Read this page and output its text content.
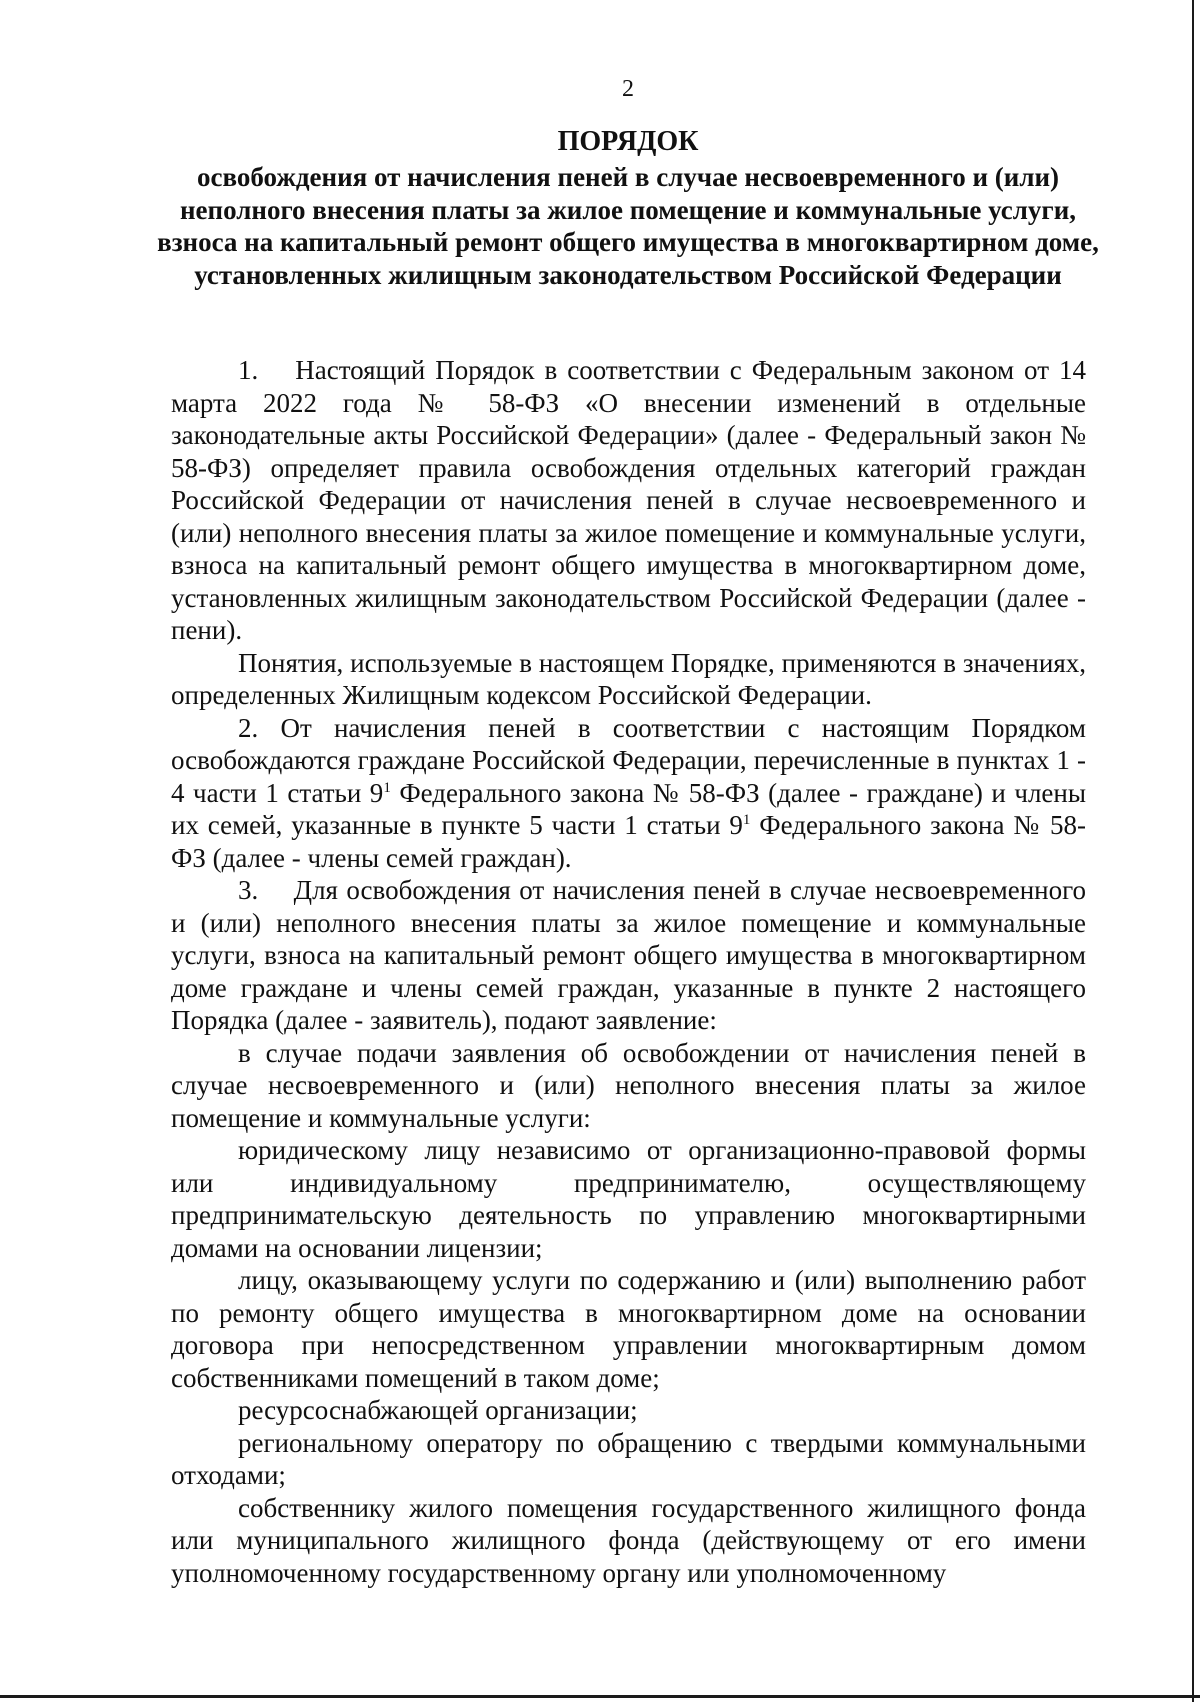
2
ПОРЯДОК
освобождения от начисления пеней в случае несвоевременного и (или) неполного внесения платы за жилое помещение и коммунальные услуги, взноса на капитальный ремонт общего имущества в многоквартирном доме, установленных жилищным законодательством Российской Федерации

1.  Настоящий Порядок в соответствии с Федеральным законом от 14 марта 2022 года № 58-ФЗ «О внесении изменений в отдельные законодательные акты Российской Федерации» (далее - Федеральный закон № 58-ФЗ) определяет правила освобождения отдельных категорий граждан Российской Федерации от начисления пеней в случае несвоевременного и (или) неполного внесения платы за жилое помещение и коммунальные услуги, взноса на капитальный ремонт общего имущества в многоквартирном доме, установленных жилищным законодательством Российской Федерации (далее - пени).

Понятия, используемые в настоящем Порядке, применяются в значениях, определенных Жилищным кодексом Российской Федерации.

2. От начисления пеней в соответствии с настоящим Порядком освобождаются граждане Российской Федерации, перечисленные в пунктах 1 - 4 части 1 статьи $9^1$ Федерального закона № 58-ФЗ (далее - граждане) и члены их семей, указанные в пункте 5 части 1 статьи $9^1$ Федерального закона № 58-ФЗ (далее - члены семей граждан).

3.  Для освобождения от начисления пеней в случае несвоевременного и (или) неполного внесения платы за жилое помещение и коммунальные услуги, взноса на капитальный ремонт общего имущества в многоквартирном доме граждане и члены семей граждан, указанные в пункте 2 настоящего Порядка (далее - заявитель), подают заявление:

в случае подачи заявления об освобождении от начисления пеней в случае несвоевременного и (или) неполного внесения платы за жилое помещение и коммунальные услуги:

юридическому лицу независимо от организационно-правовой формы или индивидуальному предпринимателю, осуществляющему предпринимательскую деятельность по управлению многоквартирными домами на основании лицензии;

лицу, оказывающему услуги по содержанию и (или) выполнению работ по ремонту общего имущества в многоквартирном доме на основании договора при непосредственном управлении многоквартирным домом собственниками помещений в таком доме;

ресурсоснабжающей организации;

региональному оператору по обращению с твердыми коммунальными отходами;

собственнику жилого помещения государственного жилищного фонда или муниципального жилищного фонда (действующему от его имени уполномоченному государственному органу или уполномоченному
